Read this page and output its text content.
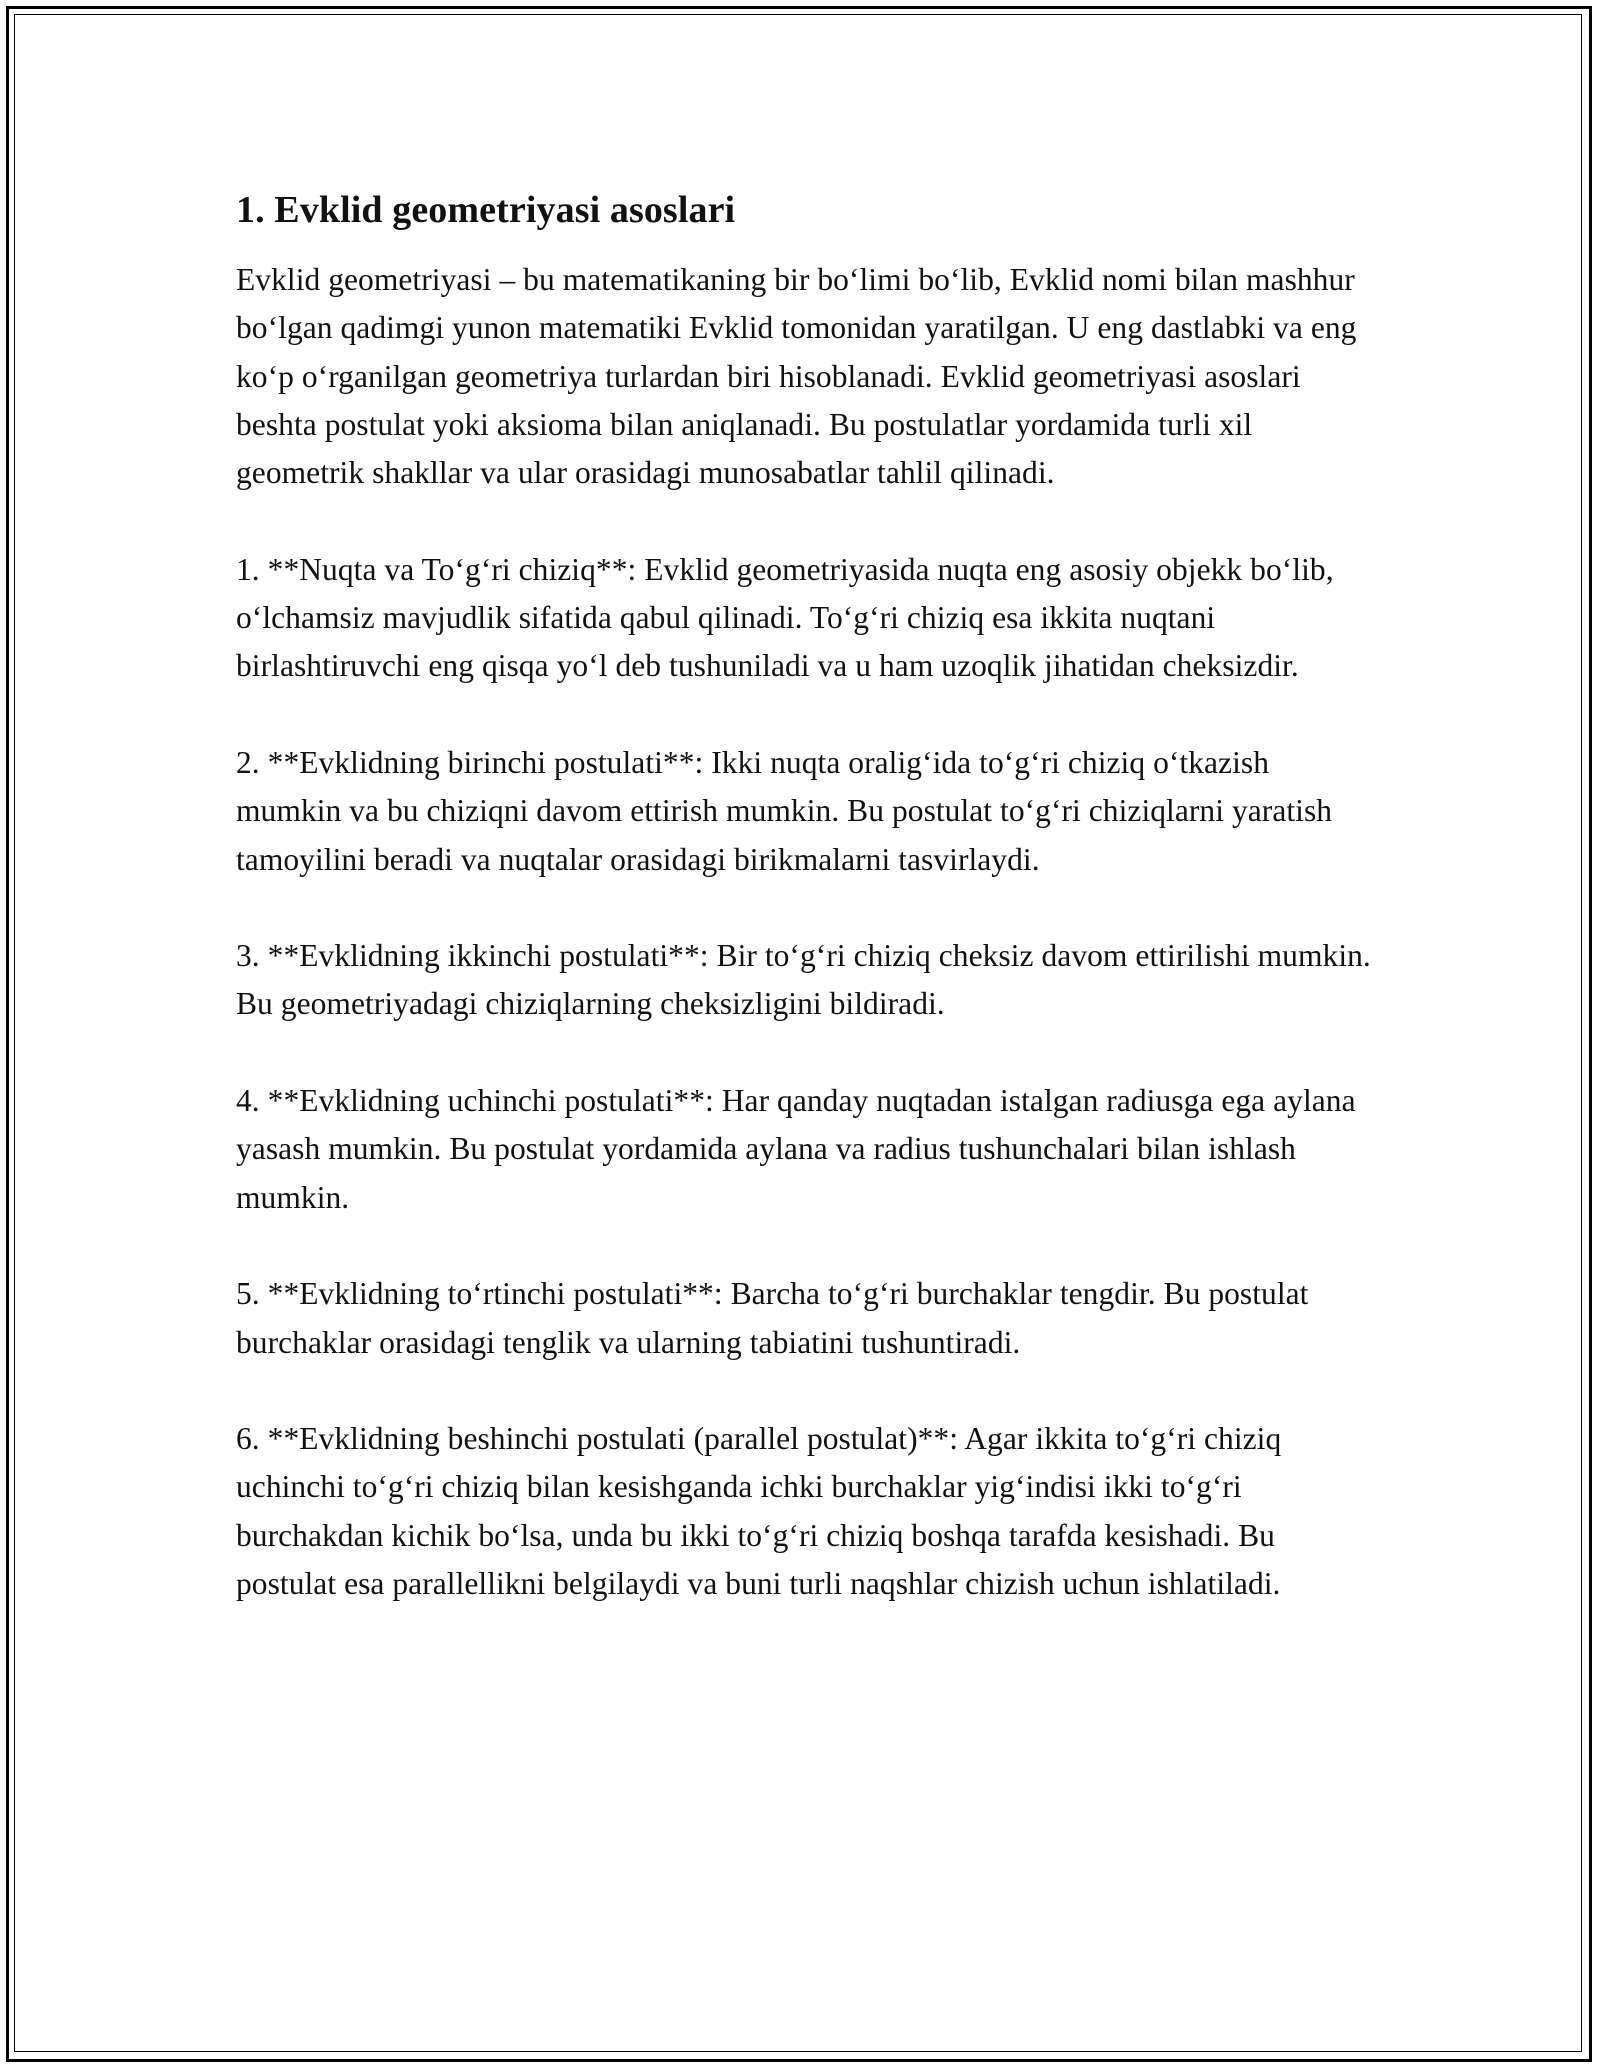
1. Evklid geometriyasi asoslari

Evklid geometriyasi – bu matematikaning bir bo‘limi bo‘lib, Evklid nomi bilan mashhur bo‘lgan qadimgi yunon matematiki Evklid tomonidan yaratilgan. U eng dastlabki va eng ko‘p o‘rganilgan geometriya turlardan biri hisoblanadi. Evklid geometriyasi asoslari beshta postulat yoki aksioma bilan aniqlanadi. Bu postulatlar yordamida turli xil geometrik shakllar va ular orasidagi munosabatlar tahlil qilinadi.

1. **Nuqta va To‘g‘ri chiziq**: Evklid geometriyasida nuqta eng asosiy objekk bo‘lib, o‘lchamsiz mavjudlik sifatida qabul qilinadi. To‘g‘ri chiziq esa ikkita nuqtani birlashtiruvchi eng qisqa yo‘l deb tushuniladi va u ham uzoqlik jihatidan cheksizdir.

2. **Evklidning birinchi postulati**: Ikki nuqta oralig‘ida to‘g‘ri chiziq o‘tkazish mumkin va bu chiziqni davom ettirish mumkin. Bu postulat to‘g‘ri chiziqlarni yaratish tamoyilini beradi va nuqtalar orasidagi birikmalarni tasvirlaydi.

3. **Evklidning ikkinchi postulati**: Bir to‘g‘ri chiziq cheksiz davom ettirilishi mumkin. Bu geometriyadagi chiziqlarning cheksizligini bildiradi.

4. **Evklidning uchinchi postulati**: Har qanday nuqtadan istalgan radiusga ega aylana yasash mumkin. Bu postulat yordamida aylana va radius tushunchalari bilan ishlash mumkin.

5. **Evklidning to‘rtinchi postulati**: Barcha to‘g‘ri burchaklar tengdir. Bu postulat burchaklar orasidagi tenglik va ularning tabiatini tushuntiradi.

6. **Evklidning beshinchi postulati (parallel postulat)**: Agar ikkita to‘g‘ri chiziq uchinchi to‘g‘ri chiziq bilan kesishganda ichki burchaklar yig‘indisi ikki to‘g‘ri burchakdan kichik bo‘lsa, unda bu ikki to‘g‘ri chiziq boshqa tarafda kesishadi. Bu postulat esa parallellikni belgilaydi va buni turli naqshlar chizish uchun ishlatiladi.
